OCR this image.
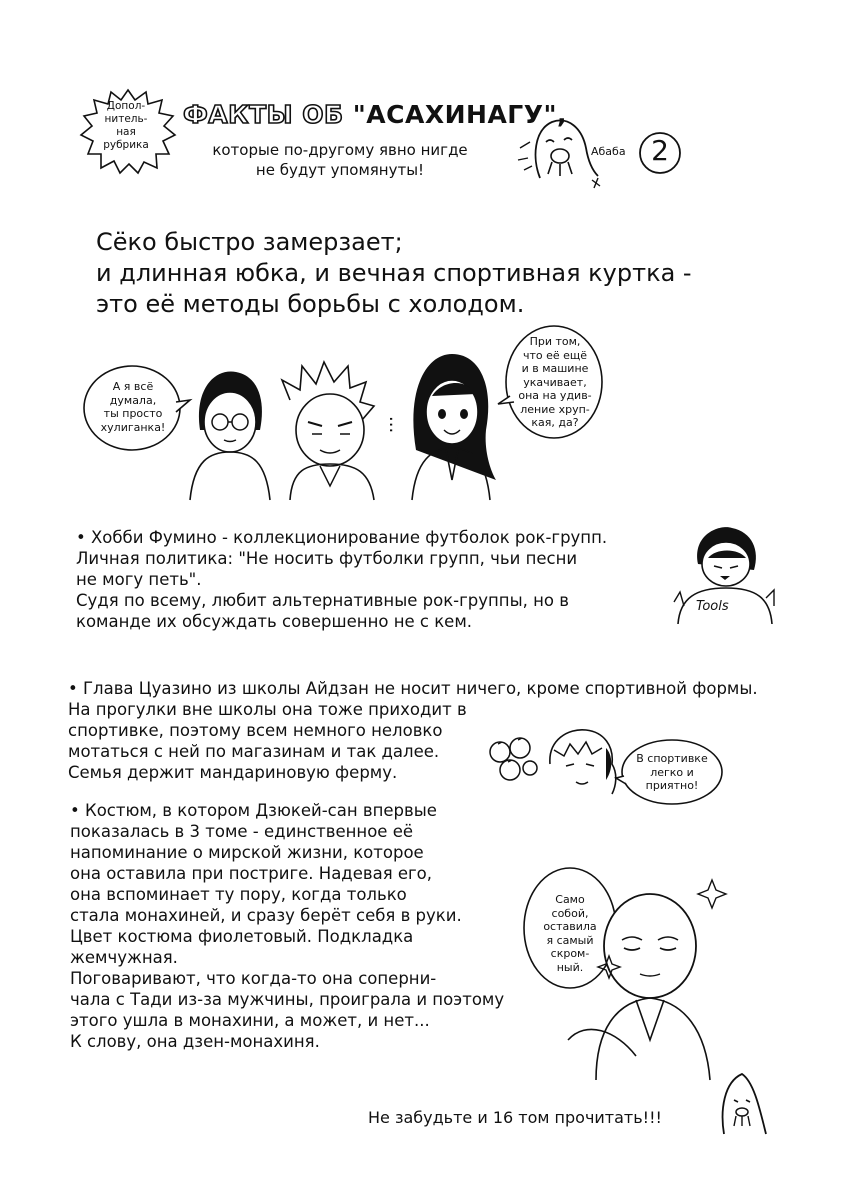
Допол-
нитель-
ная
рубрика
ФАКТЫ ОБ "АСАХИНАГУ",
которые по-другому явно нигде
не будут упомянуты!
Абаба 2
Сёко быстро замерзает;
и длинная юбка, и вечная спортивная куртка -
это её методы борьбы с холодом.
...
А я всё
думала,
ты просто
хулиганка!
При том,
что её ещё
и в машине
укачивает,
она на удив-
ление хруп-
кая, да?
• Хобби Фумино - коллекционирование футболок рок-групп.
Личная политика: "Не носить футболки групп, чьи песни
не могу петь".
Судя по всему, любит альтернативные рок-группы, но в
команде их обсуждать совершенно не с кем.
Tools
• Глава Цуазино из школы Айдзан не носит ничего, кроме спортивной формы.
На прогулки вне школы она тоже приходит в
спортивке, поэтому всем немного неловко
мотаться с ней по магазинам и так далее.
Семья держит мандариновую ферму.
В спортивке
легко и
приятно!
• Костюм, в котором Дзюкей-сан впервые
показалась в 3 томе - единственное её
напоминание о мирской жизни, которое
она оставила при постриге. Надевая его,
она вспоминает ту пору, когда только
стала монахиней, и сразу берёт себя в руки.
Цвет костюма фиолетовый. Подкладка
жемчужная.
Поговаривают, что когда-то она соперни-
чала с Тади из-за мужчины, проиграла и поэтому
этого ушла в монахини, а может, и нет...
К слову, она дзен-монахиня.
Само
собой,
оставила
я самый
скром-
ный.
Не забудьте и 16 том прочитать!!!
